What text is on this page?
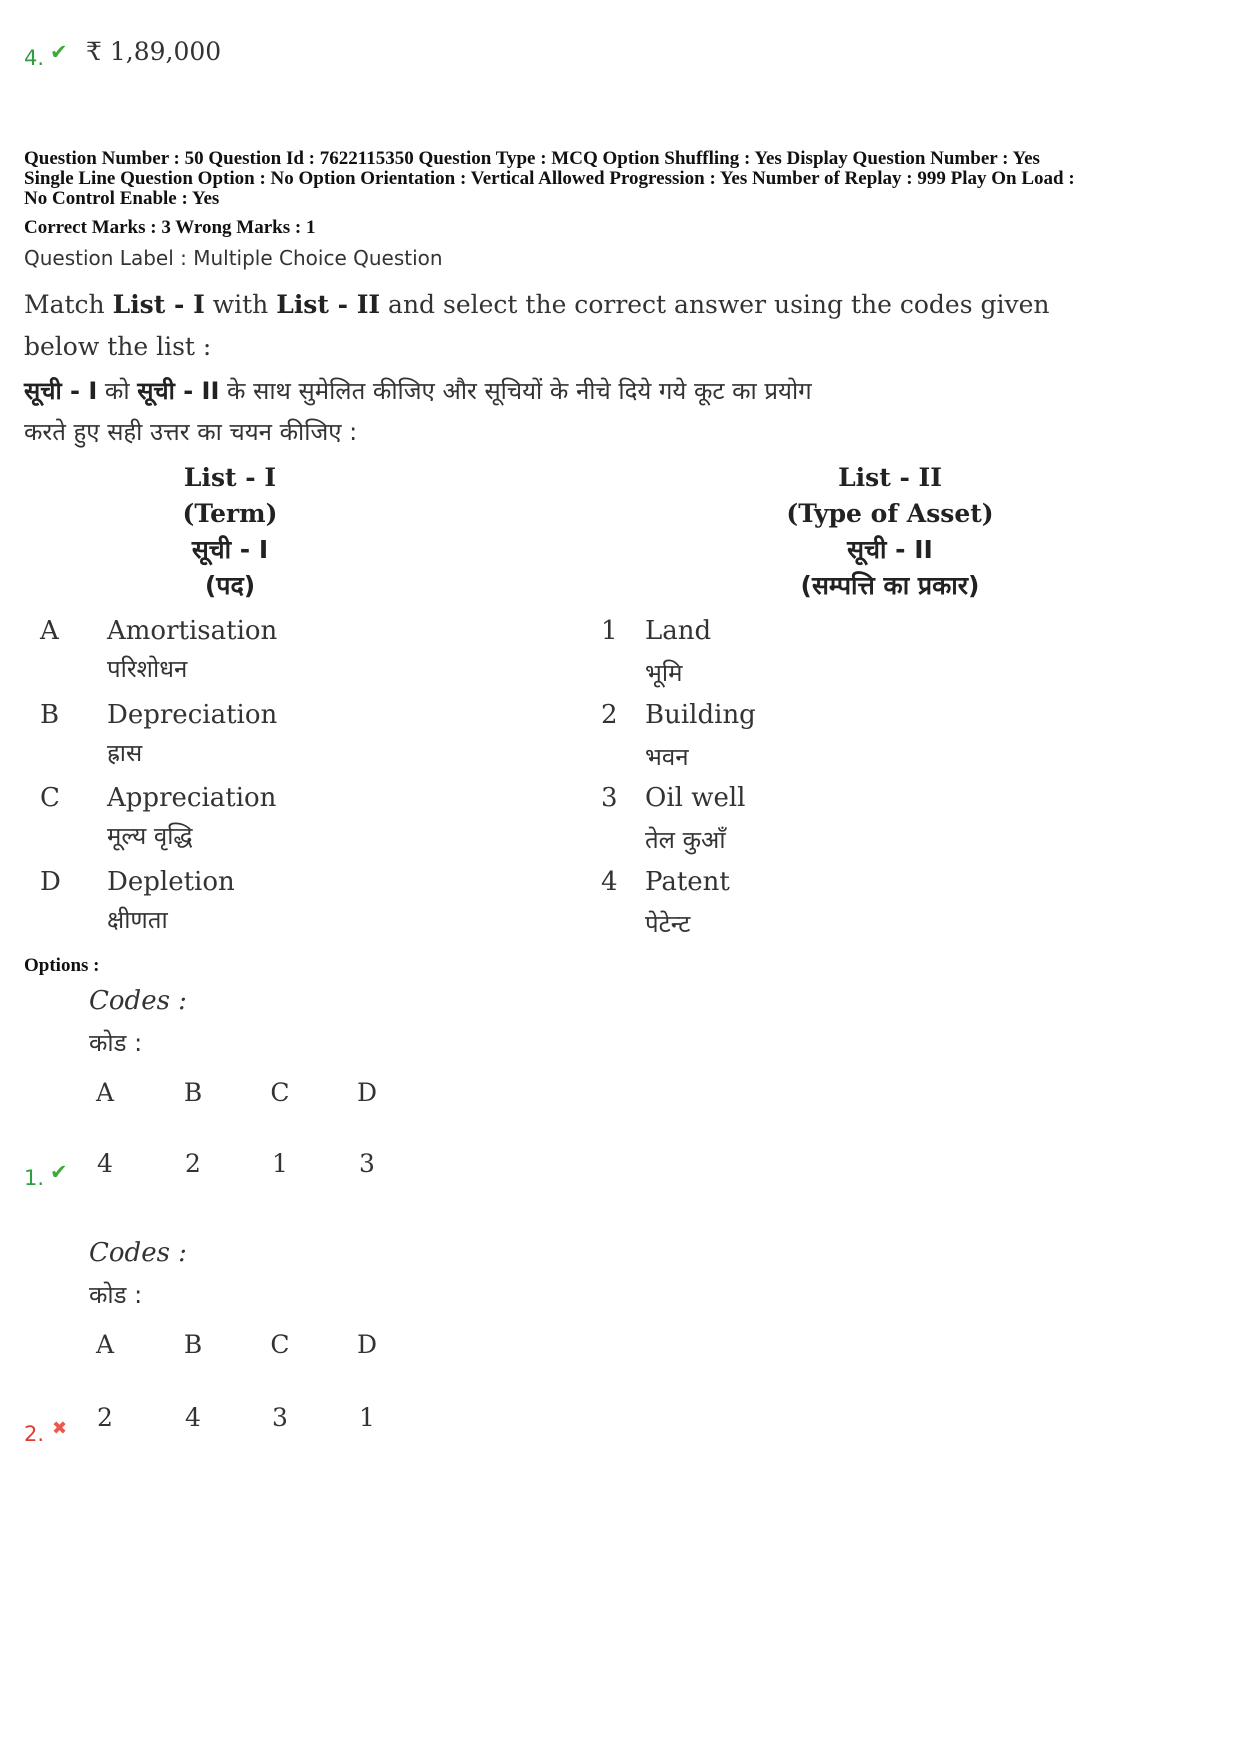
4. ✔ ₹ 1,89,000
Question Number : 50 Question Id : 7622115350 Question Type : MCQ Option Shuffling : Yes Display Question Number : Yes
Single Line Question Option : No Option Orientation : Vertical Allowed Progression : Yes Number of Replay : 999 Play On Load :
No Control Enable : Yes
Correct Marks : 3 Wrong Marks : 1
Question Label : Multiple Choice Question
Match List - I with List - II and select the correct answer using the codes given
below the list :
सूची - I को सूची - II के साथ सुमेलित कीजिए और सूचियों के नीचे दिये गये कूट का प्रयोग
करते हुए सही उत्तर का चयन कीजिए :
List - I
(Term)
सूची - I
(पद)
List - II
(Type of Asset)
सूची - II
(सम्पत्ति का प्रकार)
A Amortisation
परिशोधन
B Depreciation
ह्रास
C Appreciation
मूल्य वृद्धि
D Depletion
क्षीणता
1 Land
भूमि
2 Building
भवन
3 Oil well
तेल कुआँ
4 Patent
पेटेन्ट
Options :
Codes :
कोड :
A	B	C	D
4	2	1	3
1. ✔
Codes :
कोड :
A	B	C	D
2	4	3	1
2. ✖
